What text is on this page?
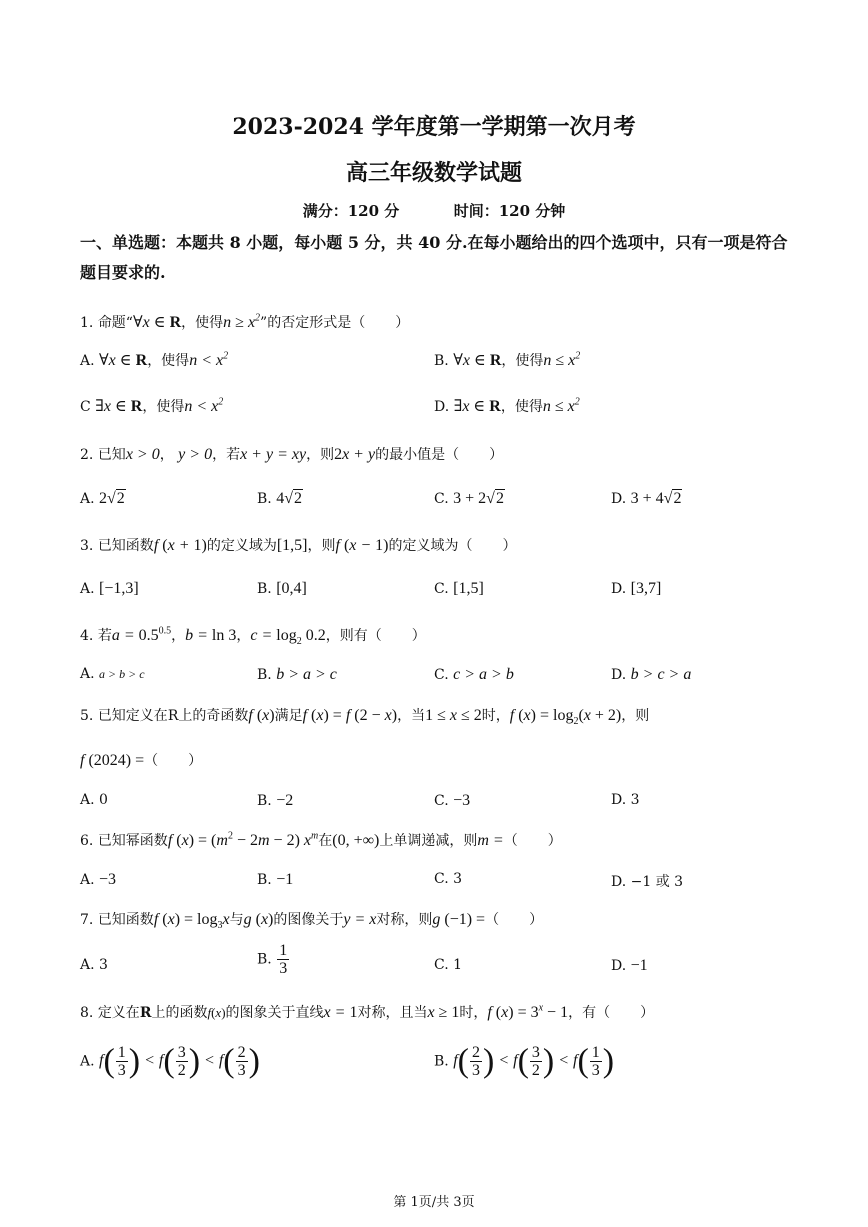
2023-2024 学年度第一学期第一次月考
高三年级数学试题
满分：120 分	时间：120 分钟
一、单选题：本题共 8 小题，每小题 5 分，共 40 分.在每小题给出的四个选项中，只有一项是符合题目要求的.
1. 命题“∀x ∈ R，使得$n \ge x^2$”的否定形式是（ ）
A. ∀x ∈ R，使得$n < x^2$	B. ∀x ∈ R，使得$n \le x^2$
C ∃x ∈ R，使得$n < x^2$	D. ∃x ∈ R，使得$n \le x^2$
2. 已知x > 0， y > 0，若x + y = xy，则2x + y的最小值是（ ）
A. 2√2	B. 4√2	C. 3 + 2√2	D. 3 + 4√2
3. 已知函数f (x + 1)的定义域为[1,5]，则f (x − 1)的定义域为（ ）
A. [−1,3]	B. [0,4]	C. [1,5]	D. [3,7]
4. 若$a = 0.5^{0.5}$，b = ln 3，$c = \log_2 0.2$，则有（ ）
A. a > b > c	B. b > a > c	C. c > a > b	D. b > c > a
5. 已知定义在R上的奇函数f (x)满足f (x) = f (2 − x)，当1 ≤ x ≤ 2时，f $(x) = \log_2(x + 2)$，则
f (2024) =（ ）
A. 0	B. −2	C. −3	D. 3
6. 已知幂函数f $(x) = (m^2 - 2m - 2)$ $x^m$在(0, +∞)上单调递减，则m =（ ）
A. −3	B. −1	C. 3	D. −1 或 3
7. 已知函数f $(x) = \log_3x$与g (x)的图像关于y = x对称，则g (−1) =（ ）
A. 3	B. $\frac{1}{3}$	C. 1	D. −1
8. 定义在R上的函数f(x)的图象关于直线x = 1对称，且当x ≥ 1时，f $(x) = 3^x - 1$，有（ ）
A. $f( \frac{1}{3}$ ) < $f( \frac{3}{2}$ ) < $f( \frac{2}{3}$ )	B. $f( \frac{2}{3}$ ) < $f( \frac{3}{2}$ ) < $f( \frac{1}{3}$ )
第 1页/共 3页
